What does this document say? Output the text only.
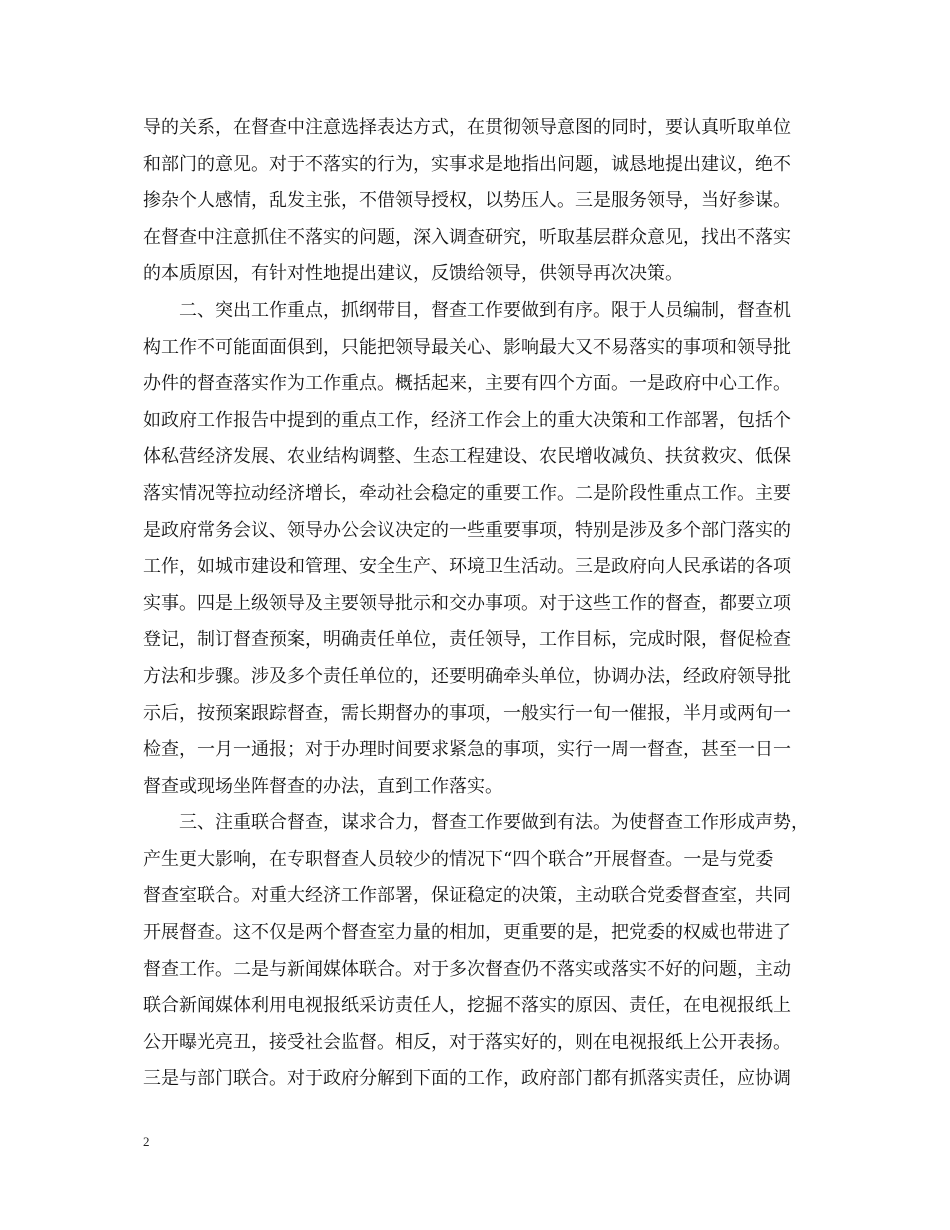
导的关系，在督查中注意选择表达方式，在贯彻领导意图的同时，要认真听取单位
和部门的意见。对于不落实的行为，实事求是地指出问题，诚恳地提出建议，绝不
掺杂个人感情，乱发主张，不借领导授权，以势压人。三是服务领导，当好参谋。
在督查中注意抓住不落实的问题，深入调查研究，听取基层群众意见，找出不落实
的本质原因，有针对性地提出建议，反馈给领导，供领导再次决策。
二、突出工作重点，抓纲带目，督查工作要做到有序。限于人员编制，督查机
构工作不可能面面俱到，只能把领导最关心、影响最大又不易落实的事项和领导批
办件的督查落实作为工作重点。概括起来，主要有四个方面。一是政府中心工作。
如政府工作报告中提到的重点工作，经济工作会上的重大决策和工作部署，包括个
体私营经济发展、农业结构调整、生态工程建设、农民增收减负、扶贫救灾、低保
落实情况等拉动经济增长，牵动社会稳定的重要工作。二是阶段性重点工作。主要
是政府常务会议、领导办公会议决定的一些重要事项，特别是涉及多个部门落实的
工作，如城市建设和管理、安全生产、环境卫生活动。三是政府向人民承诺的各项
实事。四是上级领导及主要领导批示和交办事项。对于这些工作的督查，都要立项
登记，制订督查预案，明确责任单位，责任领导，工作目标，完成时限，督促检查
方法和步骤。涉及多个责任单位的，还要明确牵头单位，协调办法，经政府领导批
示后，按预案跟踪督查，需长期督办的事项，一般实行一旬一催报，半月或两旬一
检查，一月一通报；对于办理时间要求紧急的事项，实行一周一督查，甚至一日一
督查或现场坐阵督查的办法，直到工作落实。
三、注重联合督查，谋求合力，督查工作要做到有法。为使督查工作形成声势，
产生更大影响，在专职督查人员较少的情况下“四个联合”开展督查。一是与党委
督查室联合。对重大经济工作部署，保证稳定的决策，主动联合党委督查室，共同
开展督查。这不仅是两个督查室力量的相加，更重要的是，把党委的权威也带进了
督查工作。二是与新闻媒体联合。对于多次督查仍不落实或落实不好的问题，主动
联合新闻媒体利用电视报纸采访责任人，挖掘不落实的原因、责任，在电视报纸上
公开曝光亮丑，接受社会监督。相反，对于落实好的，则在电视报纸上公开表扬。
三是与部门联合。对于政府分解到下面的工作，政府部门都有抓落实责任，应协调
2
